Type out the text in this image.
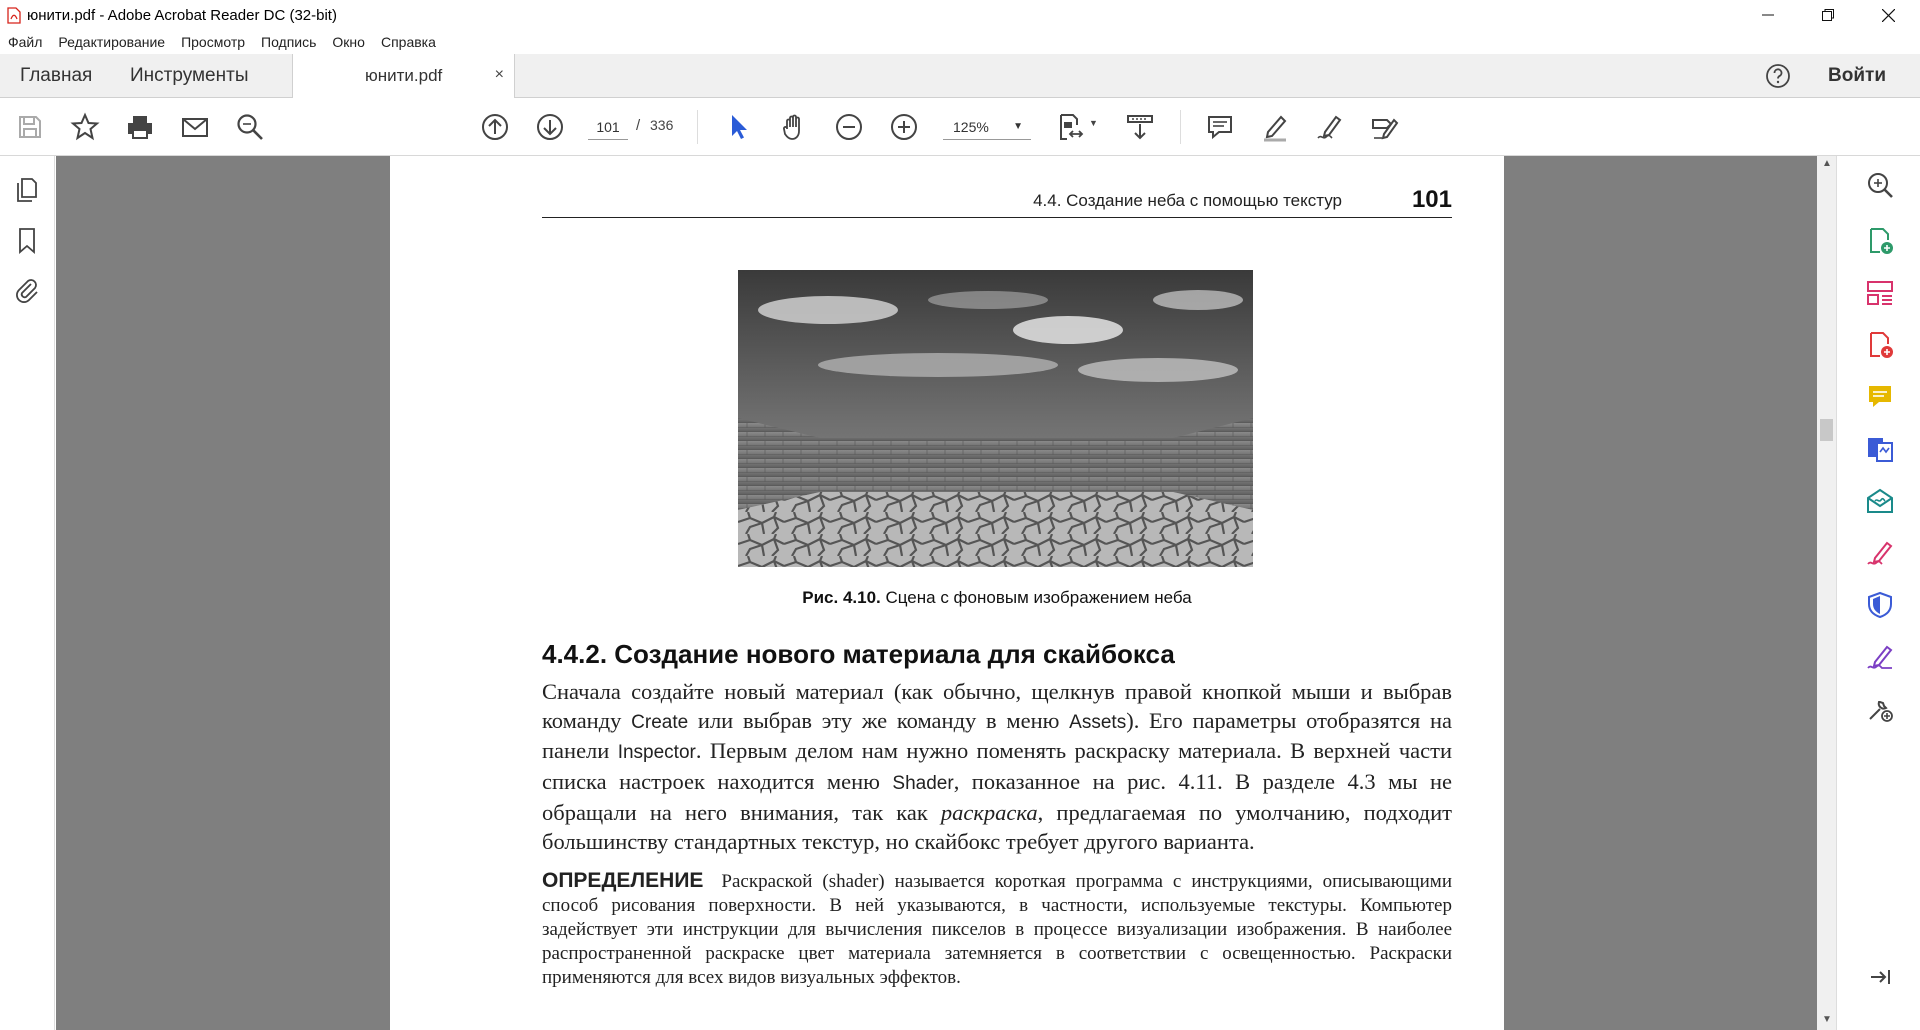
юнити.pdf - Adobe Acrobat Reader DC (32-bit)
Файл Редактирование Просмотр Подпись Окно Справка
Главная Инструменты	юнити.pdf	×	Войти
101	/ 336	125% ▼	▼
4.4. Создание неба с помощью текстур	101
Рис. 4.10. Сцена с фоновым изображением неба
4.4.2. Создание нового материала для скайбокса
Сначала создайте новый материал (как обычно, щелкнув правой кнопкой мыши и выбрав команду Create или выбрав эту же команду в меню Assets). Его параметры отобразятся на панели Inspector. Первым делом нам нужно поменять раскраску материала. В верхней части списка настроек находится меню Shader, показанное на рис. 4.11. В разделе 4.3 мы не обращали на него внимания, так как раскраска, предлагаемая по умолчанию, подходит большинству стандартных текстур, но скайбокс требует другого варианта.
ОПРЕДЕЛЕНИЕ Раскраской (shader) называется короткая программа с инструкциями, описывающими способ рисования поверхности. В ней указываются, в частности, используемые текстуры. Компьютер задействует эти инструкции для вычисления пикселов в процессе визуализации изображения. В наиболее распространенной раскраске цвет материала затемняется в соответствии с освещенностью. Раскраски применяются для всех видов визуальных эффектов.
▲
▼
